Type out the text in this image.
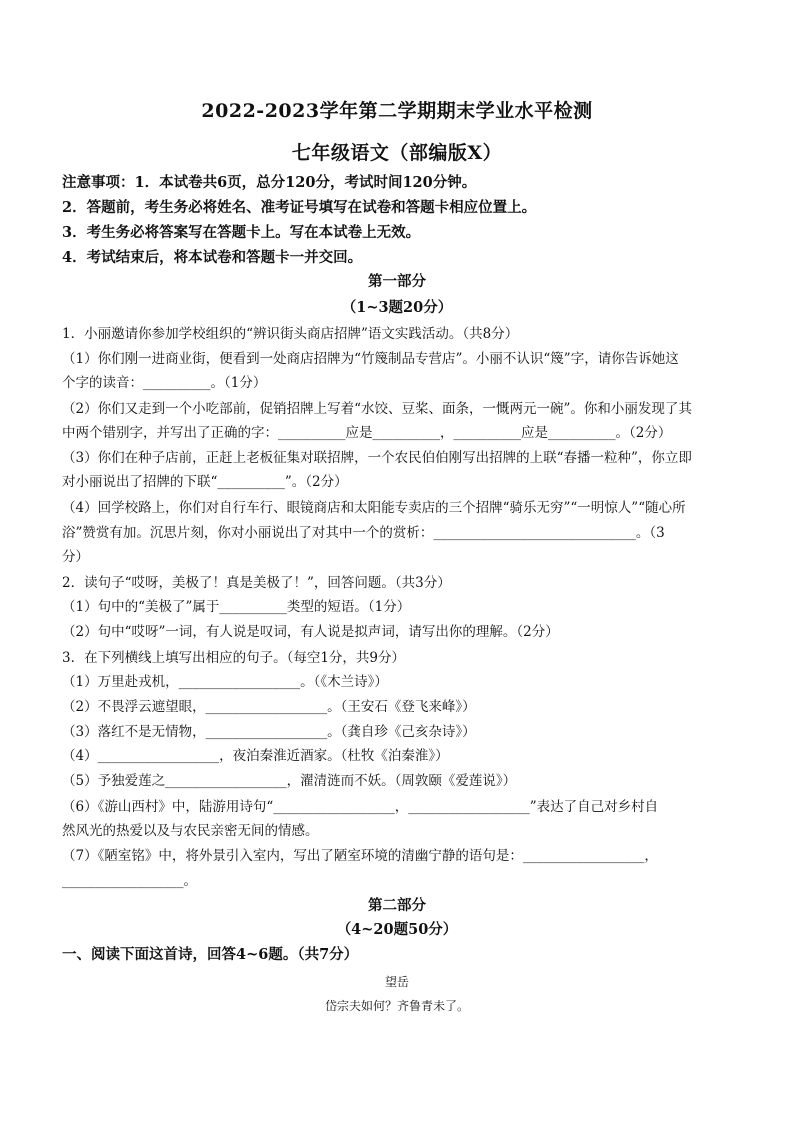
2022-2023学年第二学期期末学业水平检测
七年级语文（部编版X）
注意事项：1．本试卷共6页，总分120分，考试时间120分钟。
2．答题前，考生务必将姓名、准考证号填写在试卷和答题卡相应位置上。
3．考生务必将答案写在答题卡上。写在本试卷上无效。
4．考试结束后，将本试卷和答题卡一并交回。
第一部分
（1~3题20分）
1．小丽邀请你参加学校组织的“辨识街头商店招牌”语文实践活动。（共8分）
（1）你们刚一进商业街，便看到一处商店招牌为“竹篾制品专营店”。小丽不认识“篾”字，请你告诉她这
个字的读音：__________。（1分）
（2）你们又走到一个小吃部前，促销招牌上写着“水饺、豆桨、面条，一慨两元一碗”。你和小丽发现了其
中两个错别字，并写出了正确的字：__________应是__________，__________应是__________。（2分）
（3）你们在种子店前，正赶上老板征集对联招牌，一个农民伯伯刚写出招牌的上联“春播一粒种”，你立即
对小丽说出了招牌的下联“__________”。（2分）
（4）回学校路上，你们对自行车行、眼镜商店和太阳能专卖店的三个招牌“骑乐无穷”“一明惊人”“随心所
浴”赞赏有加。沉思片刻，你对小丽说出了对其中一个的赏析：______________________________。（3
分）
2．读句子“哎呀，美极了！真是美极了！”，回答问题。（共3分）
（1）句中的“美极了”属于__________类型的短语。（1分）
（2）句中“哎呀”一词，有人说是叹词，有人说是拟声词，请写出你的理解。（2分）
3．在下列横线上填写出相应的句子。（每空1分，共9分）
（1）万里赴戎机，__________________。（《木兰诗》）
（2）不畏浮云遮望眼，__________________。（王安石《登飞来峰》）
（3）落红不是无情物，__________________。（龚自珍《己亥杂诗》）
（4）__________________，夜泊秦淮近酒家。（杜牧《泊秦淮》）
（5）予独爱莲之__________________，濯清涟而不妖。（周敦颐《爱莲说》）
（6）《游山西村》中，陆游用诗句“__________________，__________________”表达了自己对乡村自
然风光的热爱以及与农民亲密无间的情感。
（7）《陋室铭》中，将外景引入室内，写出了陋室环境的清幽宁静的语句是：__________________，
__________________。
第二部分
（4~20题50分）
一、阅读下面这首诗，回答4~6题。（共7分）
望岳
岱宗夫如何？齐鲁青未了。
